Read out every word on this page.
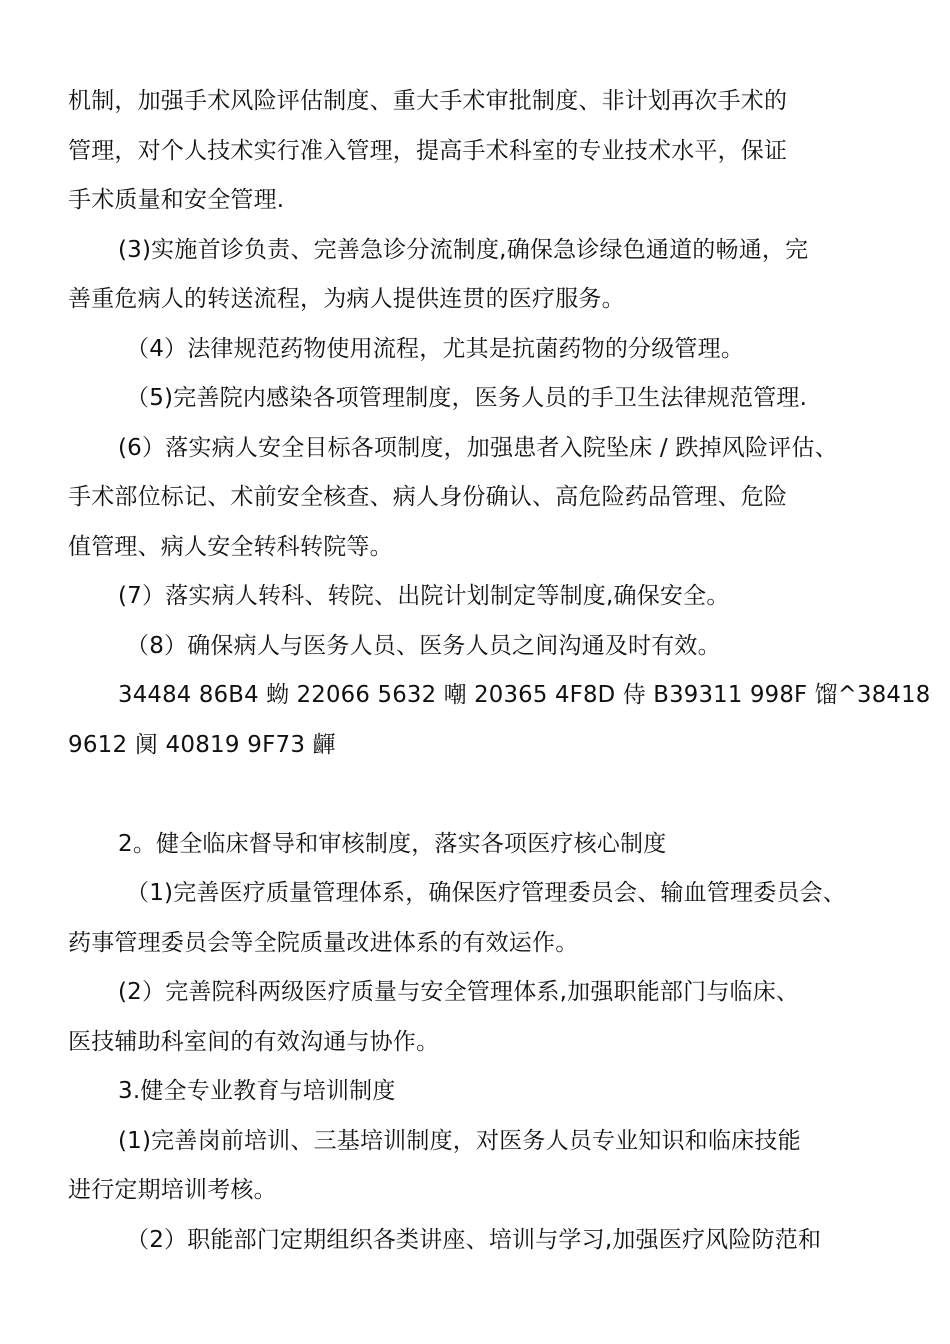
机制，加强手术风险评估制度、重大手术审批制度、非计划再次手术的
管理，对个人技术实行准入管理，提高手术科室的专业技术水平，保证
手术质量和安全管理.
(3)实施首诊负责、完善急诊分流制度,确保急诊绿色通道的畅通，完
善重危病人的转送流程，为病人提供连贯的医疗服务。
（4）法律规范药物使用流程，尤其是抗菌药物的分级管理。
（5)完善院内感染各项管理制度，医务人员的手卫生法律规范管理.
(6）落实病人安全目标各项制度，加强患者入院坠床 / 跌掉风险评估、
手术部位标记、术前安全核查、病人身份确认、高危险药品管理、危险
值管理、病人安全转科转院等。
(7）落实病人转科、转院、出院计划制定等制度,确保安全。
（8）确保病人与医务人员、医务人员之间沟通及时有效。
34484 86B4 蚴 22066 5632 嘲 20365 4F8D 侍 B39311 998F 馏^38418
9612 阒 40819 9F73 齳
2。健全临床督导和审核制度，落实各项医疗核心制度
（1)完善医疗质量管理体系，确保医疗管理委员会、输血管理委员会、
药事管理委员会等全院质量改进体系的有效运作。
(2）完善院科两级医疗质量与安全管理体系,加强职能部门与临床、
医技辅助科室间的有效沟通与协作。
3.健全专业教育与培训制度
(1)完善岗前培训、三基培训制度，对医务人员专业知识和临床技能
进行定期培训考核。
（2）职能部门定期组织各类讲座、培训与学习,加强医疗风险防范和
